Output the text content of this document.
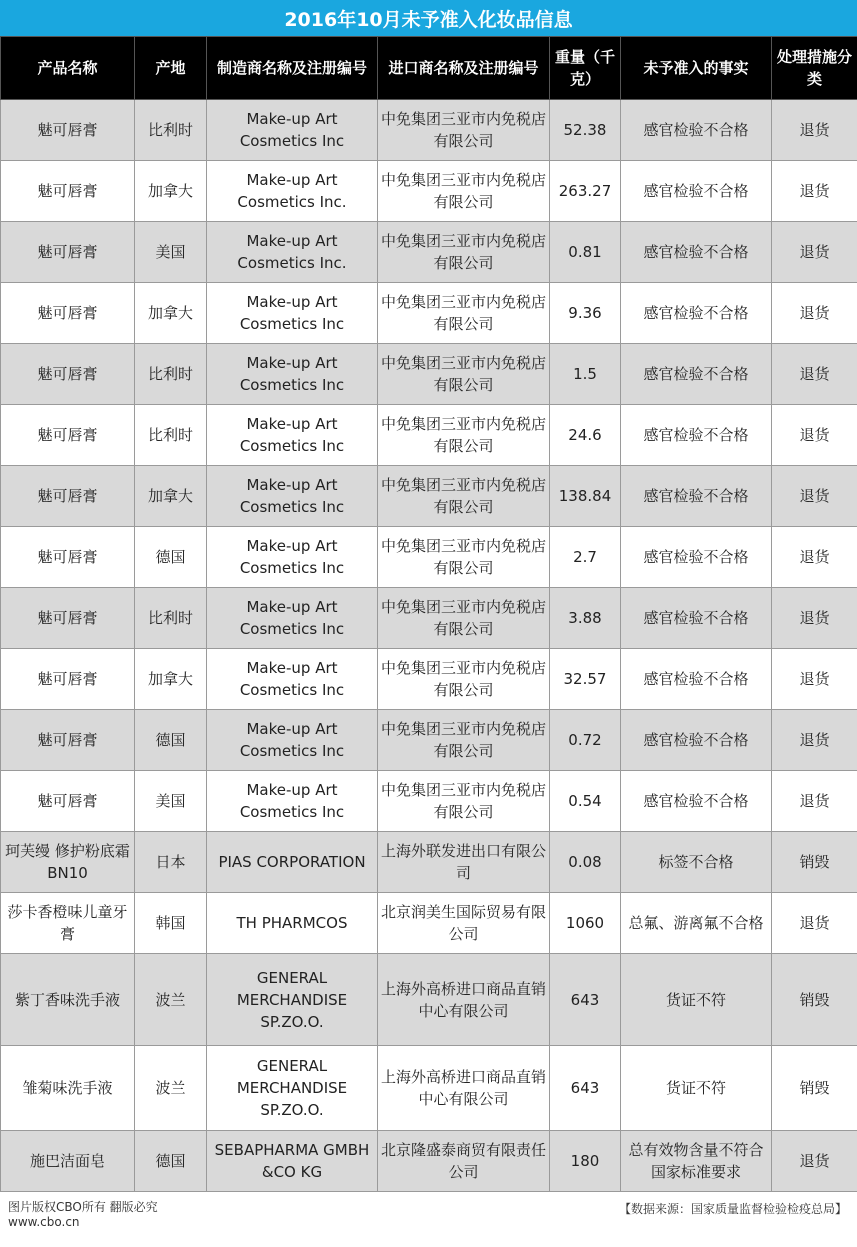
2016年10月未予准入化妆品信息
产品名称	产地	制造商名称及注册编号	进口商名称及注册编号	重量（千克）	未予准入的事实	处理措施分类
魅可唇膏	比利时	Make-up Art Cosmetics Inc	中免集团三亚市内免税店有限公司	52.38	感官检验不合格	退货
魅可唇膏	加拿大	Make-up Art Cosmetics Inc.	中免集团三亚市内免税店有限公司	263.27	感官检验不合格	退货
魅可唇膏	美国	Make-up Art Cosmetics Inc.	中免集团三亚市内免税店有限公司	0.81	感官检验不合格	退货
魅可唇膏	加拿大	Make-up Art Cosmetics Inc	中免集团三亚市内免税店有限公司	9.36	感官检验不合格	退货
魅可唇膏	比利时	Make-up Art Cosmetics Inc	中免集团三亚市内免税店有限公司	1.5	感官检验不合格	退货
魅可唇膏	比利时	Make-up Art Cosmetics Inc	中免集团三亚市内免税店有限公司	24.6	感官检验不合格	退货
魅可唇膏	加拿大	Make-up Art Cosmetics Inc	中免集团三亚市内免税店有限公司	138.84	感官检验不合格	退货
魅可唇膏	德国	Make-up Art Cosmetics Inc	中免集团三亚市内免税店有限公司	2.7	感官检验不合格	退货
魅可唇膏	比利时	Make-up Art Cosmetics Inc	中免集团三亚市内免税店有限公司	3.88	感官检验不合格	退货
魅可唇膏	加拿大	Make-up Art Cosmetics Inc	中免集团三亚市内免税店有限公司	32.57	感官检验不合格	退货
魅可唇膏	德国	Make-up Art Cosmetics Inc	中免集团三亚市内免税店有限公司	0.72	感官检验不合格	退货
魅可唇膏	美国	Make-up Art Cosmetics Inc	中免集团三亚市内免税店有限公司	0.54	感官检验不合格	退货
珂芙缦 修护粉底霜 BN10	日本	PIAS CORPORATION	上海外联发进出口有限公司	0.08	标签不合格	销毁
莎卡香橙味儿童牙膏	韩国	TH PHARMCOS	北京润美生国际贸易有限公司	1060	总氟、游离氟不合格	退货
紫丁香味洗手液	波兰	GENERAL MERCHANDISE SP.ZO.O.	上海外高桥进口商品直销中心有限公司	643	货证不符	销毁
雏菊味洗手液	波兰	GENERAL MERCHANDISE SP.ZO.O.	上海外高桥进口商品直销中心有限公司	643	货证不符	销毁
施巴洁面皂	德国	SEBAPHARMA GMBH &CO KG	北京隆盛泰商贸有限责任公司	180	总有效物含量不符合国家标准要求	退货
图片版权CBO所有 翻版必究
www.cbo.cn
【数据来源：国家质量监督检验检疫总局】
